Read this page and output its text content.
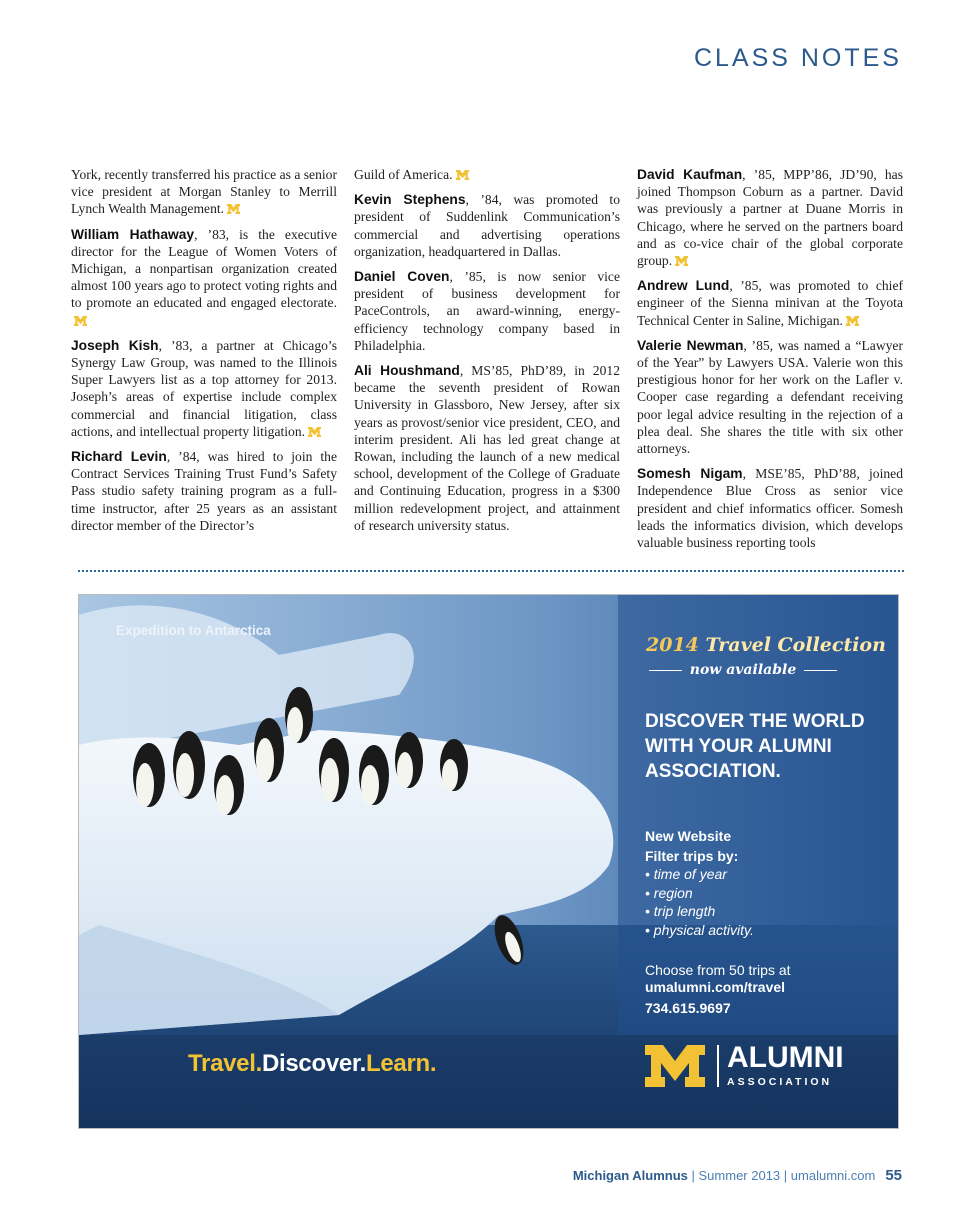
CLASS NOTES

York, recently transferred his practice as a senior vice president at Morgan Stanley to Merrill Lynch Wealth Management.

William Hathaway, ’83, is the executive director for the League of Women Voters of Michigan, a nonpartisan organization created almost 100 years ago to protect voting rights and to promote an educated and engaged electorate.

Joseph Kish, ’83, a partner at Chicago’s Synergy Law Group, was named to the Illinois Super Lawyers list as a top attorney for 2013. Joseph’s areas of expertise include complex commercial and financial litigation, class actions, and intellectual property litigation.

Richard Levin, ’84, was hired to join the Contract Services Training Trust Fund’s Safety Pass studio safety training program as a full-time instructor, after 25 years as an assistant director member of the Director’s

Guild of America.

Kevin Stephens, ’84, was promoted to president of Suddenlink Communication’s commercial and advertising operations organization, headquartered in Dallas.

Daniel Coven, ’85, is now senior vice president of business development for PaceControls, an award-winning, energy-efficiency technology company based in Philadelphia.

Ali Houshmand, MS’85, PhD’89, in 2012 became the seventh president of Rowan University in Glassboro, New Jersey, after six years as provost/senior vice president, CEO, and interim president. Ali has led great change at Rowan, including the launch of a new medical school, development of the College of Graduate and Continuing Education, progress in a $300 million redevelopment project, and attainment of research university status.

David Kaufman, ’85, MPP’86, JD’90, has joined Thompson Coburn as a partner. David was previously a partner at Duane Morris in Chicago, where he served on the partners board and as co-vice chair of the global corporate group.

Andrew Lund, ’85, was promoted to chief engineer of the Sienna minivan at the Toyota Technical Center in Saline, Michigan.

Valerie Newman, ’85, was named a “Lawyer of the Year” by Lawyers USA. Valerie won this prestigious honor for her work on the Lafler v. Cooper case regarding a defendant receiving poor legal advice resulting in the rejection of a plea deal. She shares the title with six other attorneys.

Somesh Nigam, MSE’85, PhD’88, joined Independence Blue Cross as senior vice president and chief informatics officer. Somesh leads the informatics division, which develops valuable business reporting tools

Expedition to Antarctica
2014 Travel Collection
now available
DISCOVER THE WORLD WITH YOUR ALUMNI ASSOCIATION.
New Website
Filter trips by:
• time of year
• region
• trip length
• physical activity.
Choose from 50 trips at
umalumni.com/travel
734.615.9697
Travel.Discover.Learn.	ALUMNI
ASSOCIATION
Michigan Alumnus | Summer 2013 | umalumni.com 55
